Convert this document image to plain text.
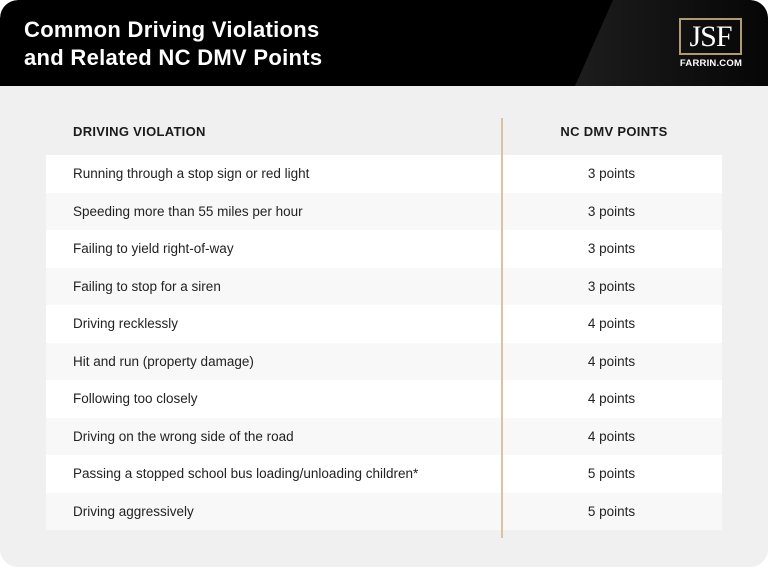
Common Driving Violations
and Related NC DMV Points
JSF
FARRIN.COM
DRIVING VIOLATION	NC DMV POINTS
Running through a stop sign or red light	3 points
Speeding more than 55 miles per hour	3 points
Failing to yield right-of-way	3 points
Failing to stop for a siren	3 points
Driving recklessly	4 points
Hit and run (property damage)	4 points
Following too closely	4 points
Driving on the wrong side of the road	4 points
Passing a stopped school bus loading/unloading children*	5 points
Driving aggressively	5 points
